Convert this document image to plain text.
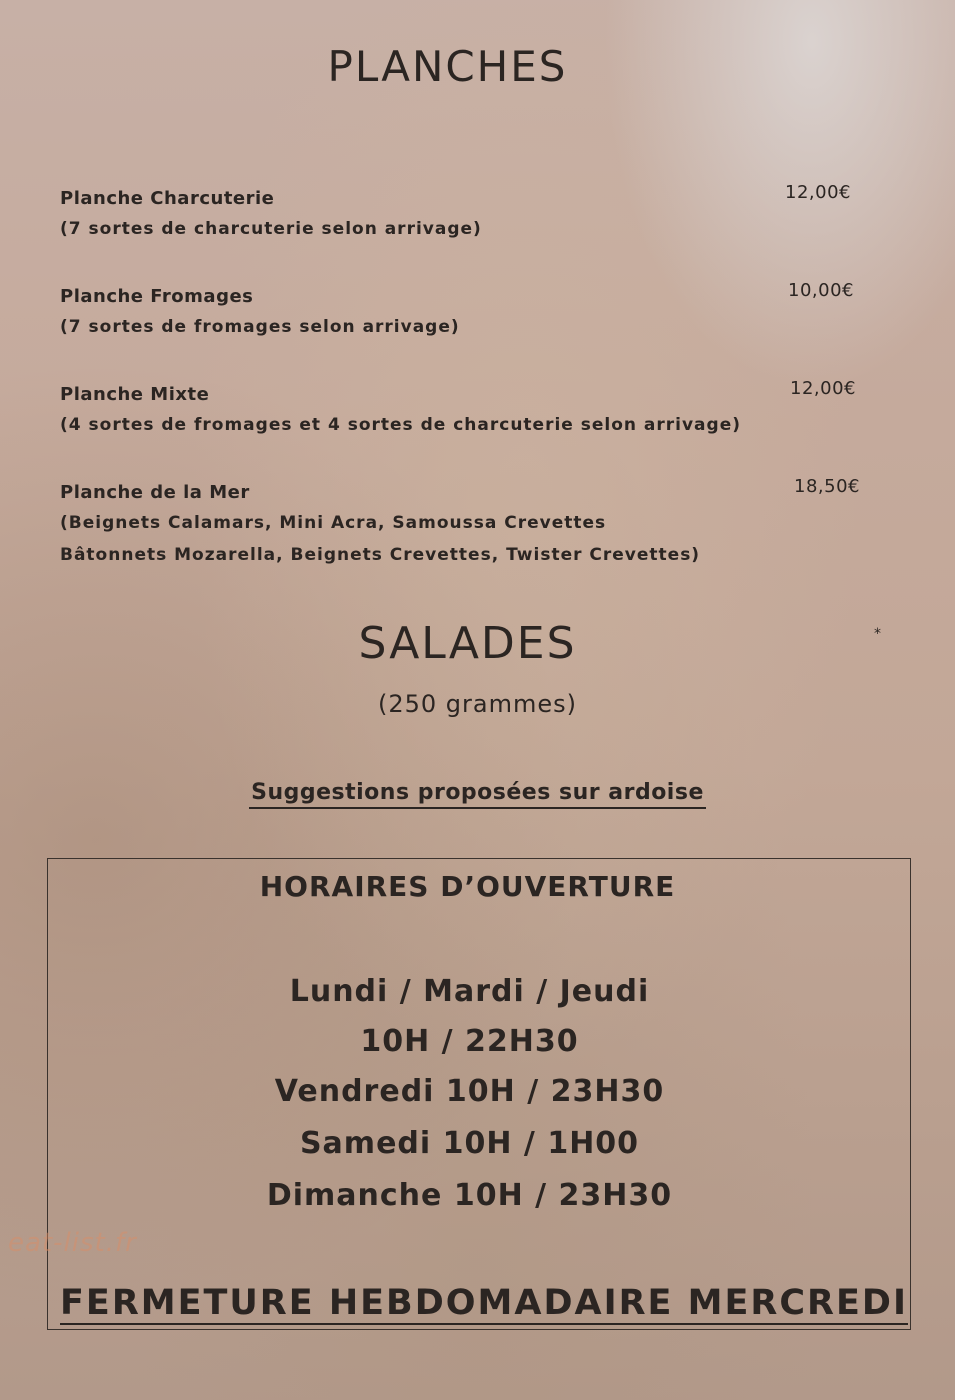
PLANCHES
Planche Charcuterie
(7 sortes de charcuterie selon arrivage)
12,00€
Planche Fromages
(7 sortes de fromages selon arrivage)
10,00€
Planche Mixte
(4 sortes de fromages et 4 sortes de charcuterie selon arrivage)
12,00€
Planche de la Mer
(Beignets Calamars, Mini Acra, Samoussa Crevettes
Bâtonnets Mozarella, Beignets Crevettes, Twister Crevettes)
18,50€
*
SALADES
(250 grammes)
Suggestions proposées sur ardoise
HORAIRES D’OUVERTURE
Lundi / Mardi / Jeudi
10H / 22H30
Vendredi 10H / 23H30
Samedi 10H / 1H00
Dimanche 10H / 23H30
eat-list.fr
FERMETURE HEBDOMADAIRE MERCREDI
